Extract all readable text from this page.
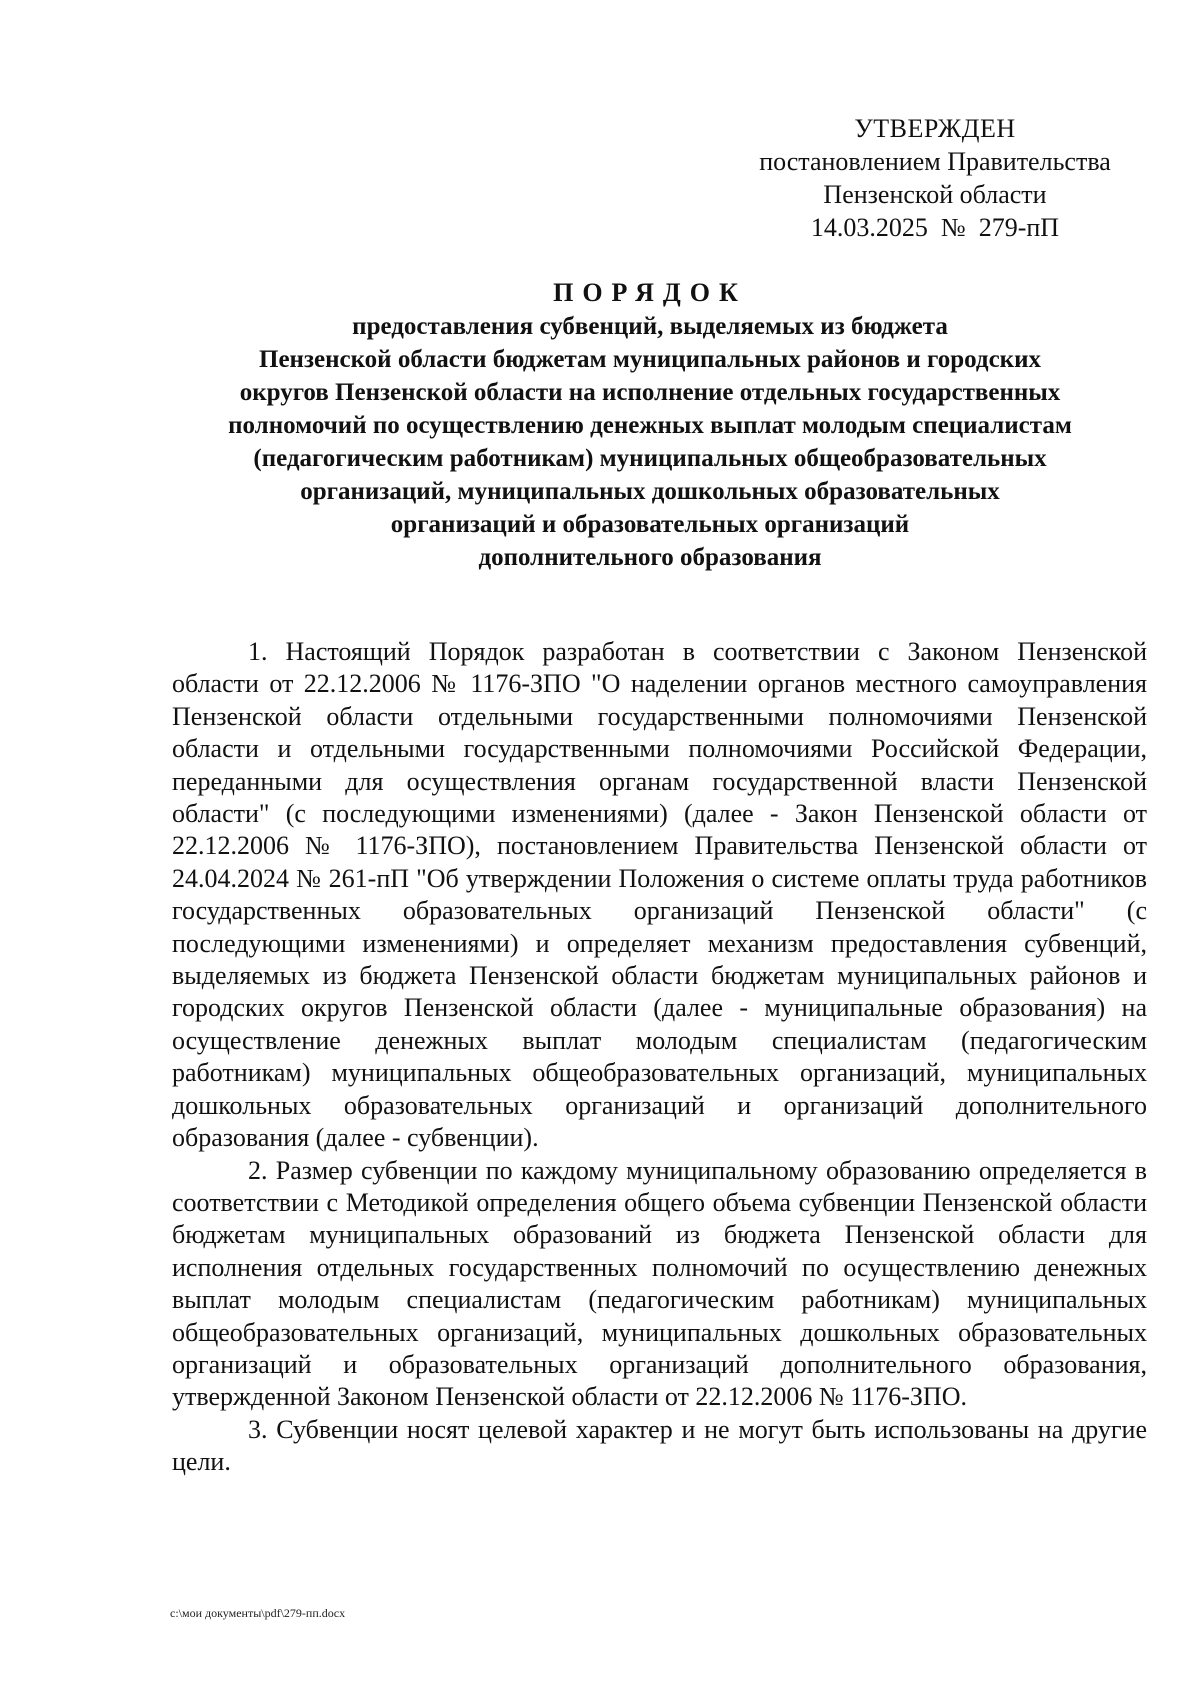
УТВЕРЖДЕН
постановлением Правительства
Пензенской области
14.03.2025 № 279-пП
ПОРЯДОК
предоставления субвенций, выделяемых из бюджета
Пензенской области бюджетам муниципальных районов и городских
округов Пензенской области на исполнение отдельных государственных
полномочий по осуществлению денежных выплат молодым специалистам
(педагогическим работникам) муниципальных общеобразовательных
организаций, муниципальных дошкольных образовательных
организаций и образовательных организаций
дополнительного образования

1. Настоящий Порядок разработан в соответствии с Законом Пензенской области от 22.12.2006 № 1176-ЗПО "О наделении органов местного самоуправления Пензенской области отдельными государственными полномочиями Пензенской области и отдельными государственными полномочиями Российской Федерации, переданными для осуществления органам государственной власти Пензенской области" (с последующими изменениями) (далее - Закон Пензенской области от 22.12.2006 № 1176-ЗПО), постановлением Правительства Пензенской области от 24.04.2024 № 261-пП "Об утверждении Положения о системе оплаты труда работников государственных образовательных организаций Пензенской области" (с последующими изменениями) и определяет механизм предоставления субвенций, выделяемых из бюджета Пензенской области бюджетам муниципальных районов и городских округов Пензенской области (далее - муниципальные образования) на осуществление денежных выплат молодым специалистам (педагогическим работникам) муниципальных общеобразовательных организаций, муниципальных дошкольных образовательных организаций и организаций дополнительного образования (далее - субвенции).

2. Размер субвенции по каждому муниципальному образованию определяется в соответствии с Методикой определения общего объема субвенции Пензенской области бюджетам муниципальных образований из бюджета Пензенской области для исполнения отдельных государственных полномочий по осуществлению денежных выплат молодым специалистам (педагогическим работникам) муниципальных общеобразовательных организаций, муниципальных дошкольных образовательных организаций и образовательных организаций дополнительного образования, утвержденной Законом Пензенской области от 22.12.2006 № 1176-ЗПО.

3. Субвенции носят целевой характер и не могут быть использованы на другие цели.

c:\мои документы\pdf\279-пп.docx
